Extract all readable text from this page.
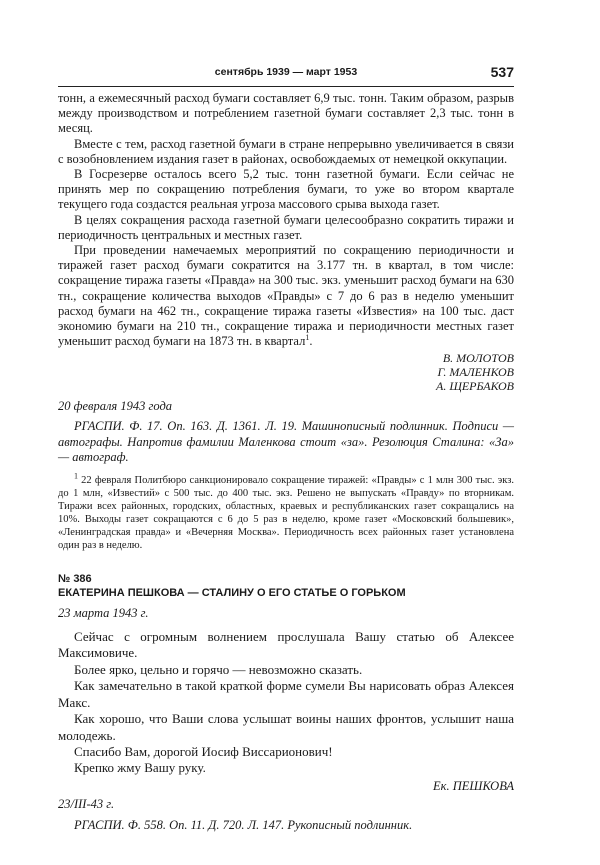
сентябрь 1939 — март 1953	537

тонн, а ежемесячный расход бумаги составляет 6,9 тыс. тонн. Таким образом, разрыв между производством и потреблением газетной бумаги составляет 2,3 тыс. тонн в месяц.

Вместе с тем, расход газетной бумаги в стране непрерывно увеличивается в связи с возобновлением издания газет в районах, освобождаемых от немецкой оккупации.

В Госрезерве осталось всего 5,2 тыс. тонн газетной бумаги. Если сейчас не принять мер по сокращению потребления бумаги, то уже во втором квартале текущего года создастся реальная угроза массового срыва выхода газет.

В целях сокращения расхода газетной бумаги целесообразно сократить тиражи и периодичность центральных и местных газет.

При проведении намечаемых мероприятий по сокращению периодичности и тиражей газет расход бумаги сократится на 3.177 тн. в квартал, в том числе: сокращение тиража газеты «Правда» на 300 тыс. экз. уменьшит расход бумаги на 630 тн., сокращение количества выходов «Правды» с 7 до 6 раз в неделю уменьшит расход бумаги на 462 тн., сокращение тиража газеты «Известия» на 100 тыс. даст экономию бумаги на 210 тн., сокращение тиража и периодичности местных газет уменьшит расход бумаги на 1873 тн. в квартал$^1$.

В. МОЛОТОВ
Г. МАЛЕНКОВ
А. ЩЕРБАКОВ
20 февраля 1943 года
РГАСПИ. Ф. 17. Оп. 163. Д. 1361. Л. 19. Машинописный подлинник. Подписи — автографы. Напротив фамилии Маленкова стоит «за». Резолюция Сталина: «За» — автограф.
$^1$ 22 февраля Политбюро санкционировало сокращение тиражей: «Правды» с 1 млн 300 тыс. экз. до 1 млн, «Известий» с 500 тыс. до 400 тыс. экз. Решено не выпускать «Правду» по вторникам. Тиражи всех районных, городских, областных, краевых и республиканских газет сокращались на 10%. Выходы газет сокращаются с 6 до 5 раз в неделю, кроме газет «Московский большевик», «Ленинградская правда» и «Вечерняя Москва». Периодичность всех районных газет установлена один раз в неделю.
№ 386
ЕКАТЕРИНА ПЕШКОВА — СТАЛИНУ О ЕГО СТАТЬЕ О ГОРЬКОМ
23 марта 1943 г.

Сейчас с огромным волнением прослушала Вашу статью об Алексее Максимовиче.

Более ярко, цельно и горячо — невозможно сказать.

Как замечательно в такой краткой форме сумели Вы нарисовать образ Алексея Макс.

Как хорошо, что Ваши слова услышат воины наших фронтов, услышит наша молодежь.

Спасибо Вам, дорогой Иосиф Виссарионович!

Крепко жму Вашу руку.

Ек. ПЕШКОВА
23/III-43 г.
РГАСПИ. Ф. 558. Оп. 11. Д. 720. Л. 147. Рукописный подлинник.
